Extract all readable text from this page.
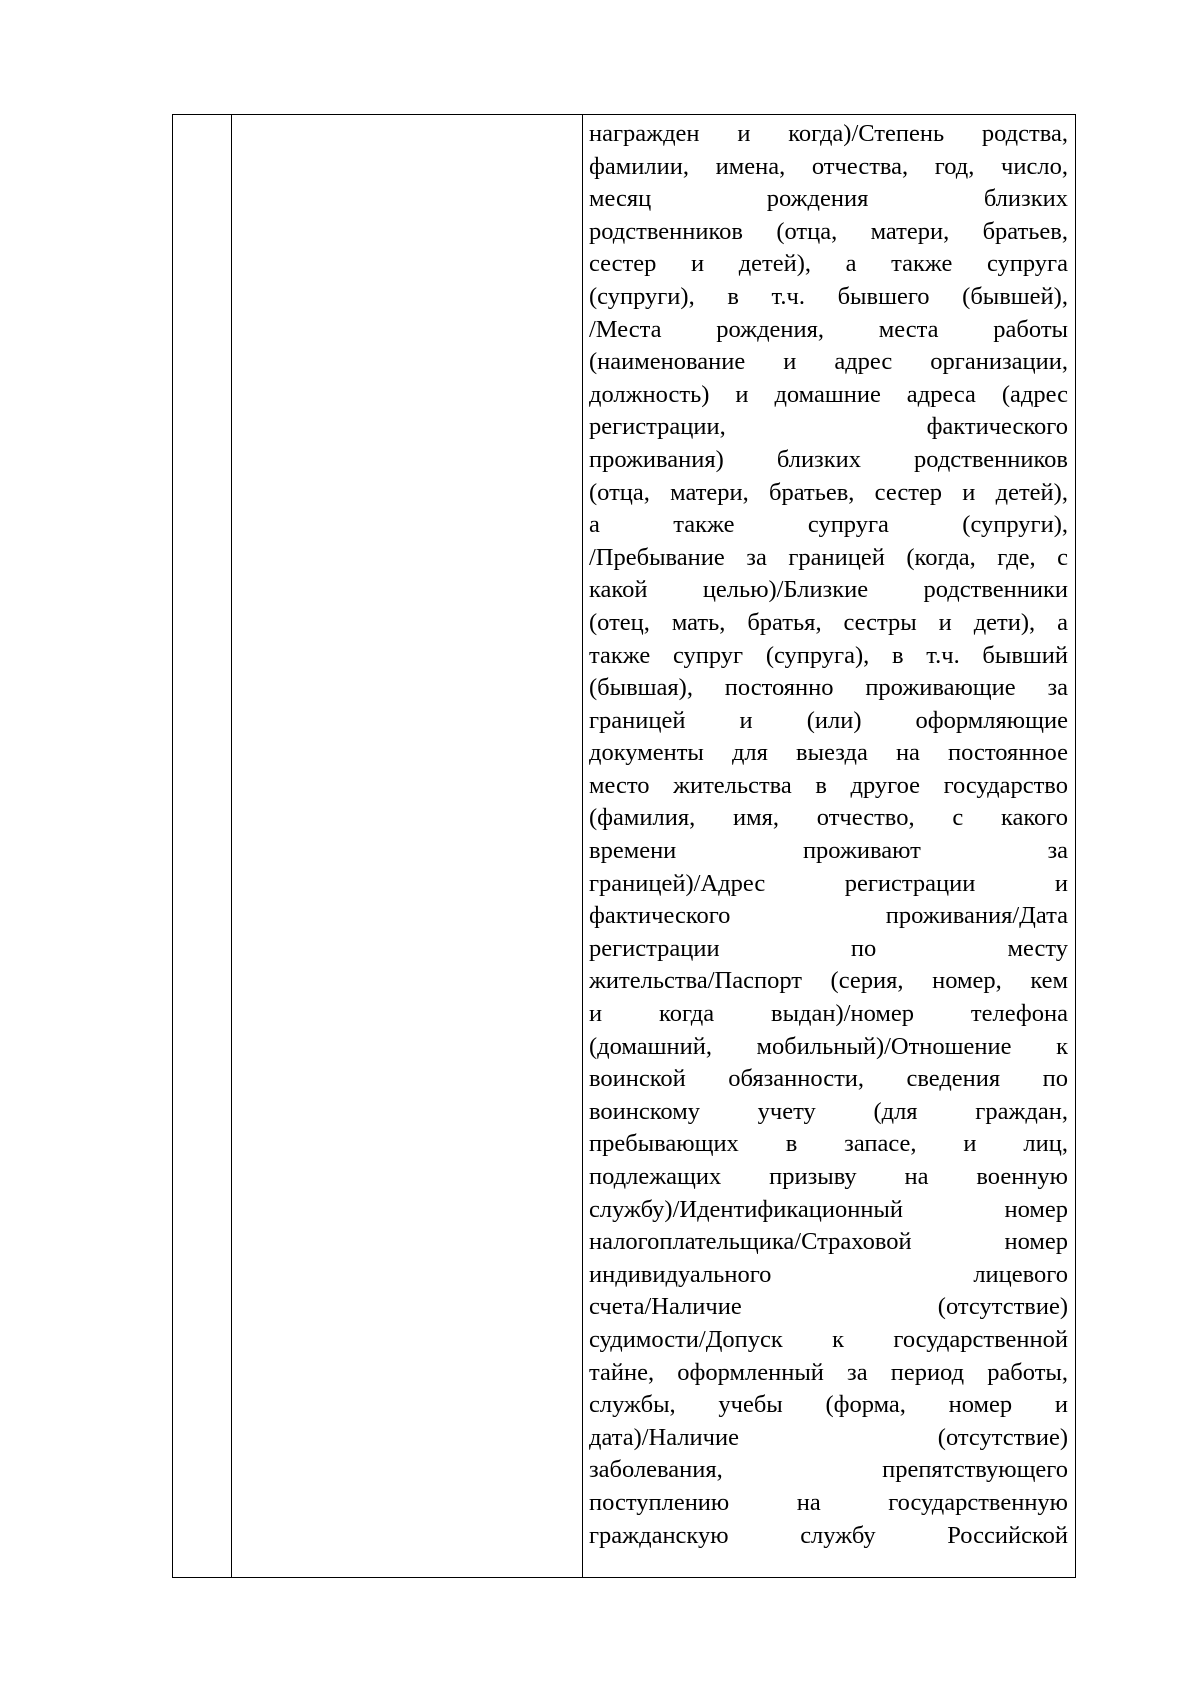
награжден и когда)/Степень родства,
фамилии, имена, отчества, год, число,
месяц	рождения	близких
родственников (отца, матери, братьев,
сестер и детей), а также супруга
(супруги), в т.ч. бывшего (бывшей),
/Места рождения, места работы
(наименование и адрес организации,
должность) и домашние адреса (адрес
регистрации,	фактического
проживания) близких родственников
(отца, матери, братьев, сестер и детей),
а	также	супруга	(супруги),
/Пребывание за границей (когда, где, с
какой целью)/Близкие родственники
(отец, мать, братья, сестры и дети), а
также супруг (супруга), в т.ч. бывший
(бывшая), постоянно проживающие за
границей и (или) оформляющие
документы для выезда на постоянное
место жительства в другое государство
(фамилия, имя, отчество, с какого
времени	проживают	за
границей)/Адрес	регистрации	и
фактического	проживания/Дата
регистрации	по	месту
жительства/Паспорт (серия, номер, кем
и когда выдан)/номер телефона
(домашний, мобильный)/Отношение к
воинской обязанности, сведения по
воинскому учету (для граждан,
пребывающих в запасе, и лиц,
подлежащих призыву на военную
службу)/Идентификационный	номер
налогоплательщика/Страховой	номер
индивидуального	лицевого
счета/Наличие	(отсутствие)
судимости/Допуск к государственной
тайне, оформленный за период работы,
службы, учебы (форма, номер и
дата)/Наличие	(отсутствие)
заболевания,	препятствующего
поступлению	на	государственную
гражданскую	службу	Российской
